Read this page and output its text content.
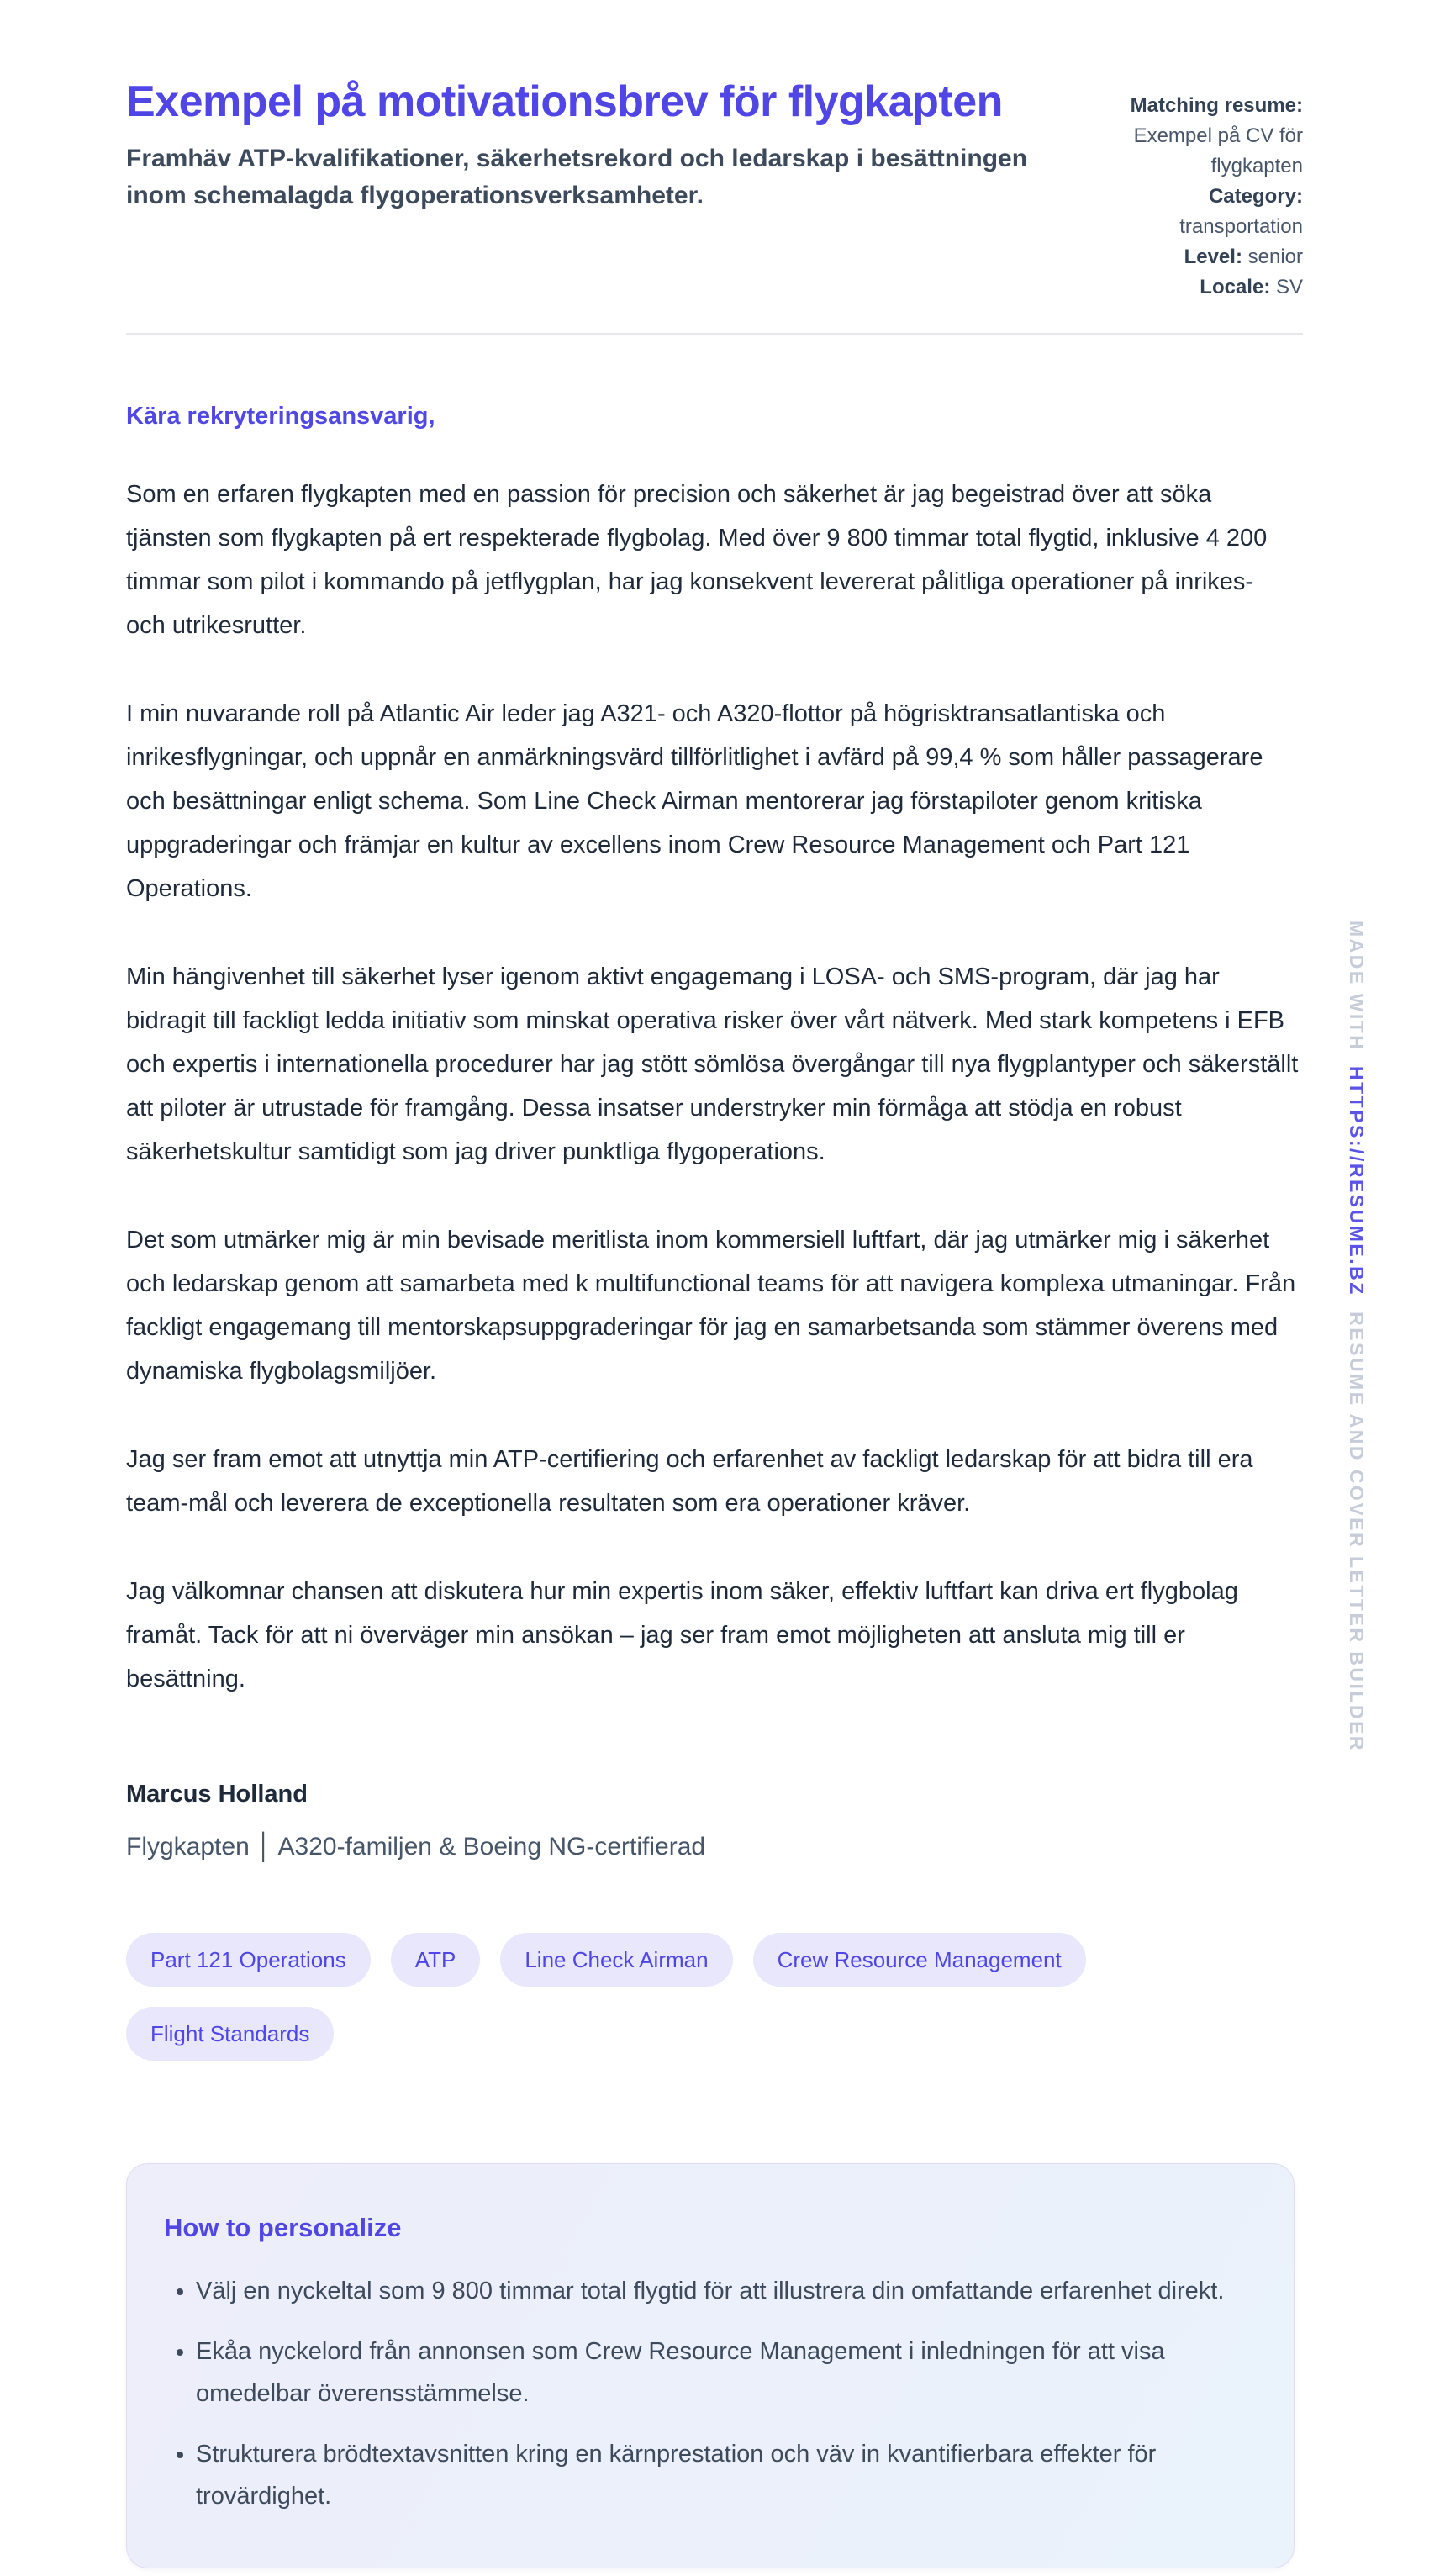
Exempel på motivationsbrev för flygkapten

Framhäv ATP-kvalifikationer, säkerhetsrekord och ledarskap i besättningen inom schemalagda flygoperationsverksamheter.

Matching resume:
Exempel på CV för flygkapten
Category:
transportation
Level: senior
Locale: SV

Kära rekryteringsansvarig,

Som en erfaren flygkapten med en passion för precision och säkerhet är jag begeistrad över att söka tjänsten som flygkapten på ert respekterade flygbolag. Med över 9 800 timmar total flygtid, inklusive 4 200 timmar som pilot i kommando på jetflygplan, har jag konsekvent levererat pålitliga operationer på inrikes- och utrikesrutter.

I min nuvarande roll på Atlantic Air leder jag A321- och A320-flottor på högrisktransatlantiska och inrikesflygningar, och uppnår en anmärkningsvärd tillförlitlighet i avfärd på 99,4 % som håller passagerare och besättningar enligt schema. Som Line Check Airman mentorerar jag förstapiloter genom kritiska uppgraderingar och främjar en kultur av excellens inom Crew Resource Management och Part 121 Operations.

Min hängivenhet till säkerhet lyser igenom aktivt engagemang i LOSA- och SMS-program, där jag har bidragit till fackligt ledda initiativ som minskat operativa risker över vårt nätverk. Med stark kompetens i EFB och expertis i internationella procedurer har jag stött sömlösa övergångar till nya flygplantyper och säkerställt att piloter är utrustade för framgång. Dessa insatser understryker min förmåga att stödja en robust säkerhetskultur samtidigt som jag driver punktliga flygoperations.

Det som utmärker mig är min bevisade meritlista inom kommersiell luftfart, där jag utmärker mig i säkerhet och ledarskap genom att samarbeta med k multifunctional teams för att navigera komplexa utmaningar. Från fackligt engagemang till mentorskapsuppgraderingar för jag en samarbetsanda som stämmer överens med dynamiska flygbolagsmiljöer.

Jag ser fram emot att utnyttja min ATP-certifiering och erfarenhet av fackligt ledarskap för att bidra till era team-mål och leverera de exceptionella resultaten som era operationer kräver.

Jag välkomnar chansen att diskutera hur min expertis inom säker, effektiv luftfart kan driva ert flygbolag framåt. Tack för att ni överväger min ansökan – jag ser fram emot möjligheten att ansluta mig till er besättning.

Marcus Holland

Flygkapten │ A320-familjen & Boeing NG-certifierad

Part 121 Operations	ATP	Line Check Airman	Crew Resource Management
Flight Standards
How to personalize
• Välj en nyckeltal som 9 800 timmar total flygtid för att illustrera din omfattande erfarenhet direkt.
• Ekåa nyckelord från annonsen som Crew Resource Management i inledningen för att visa omedelbar överensstämmelse.
• Strukturera brödtextavsnitten kring en kärnprestation och väv in kvantifierbara effekter för trovärdighet.
MADE WITHHTTPS://RESUME.BZRESUME AND COVER LETTER BUILDER
